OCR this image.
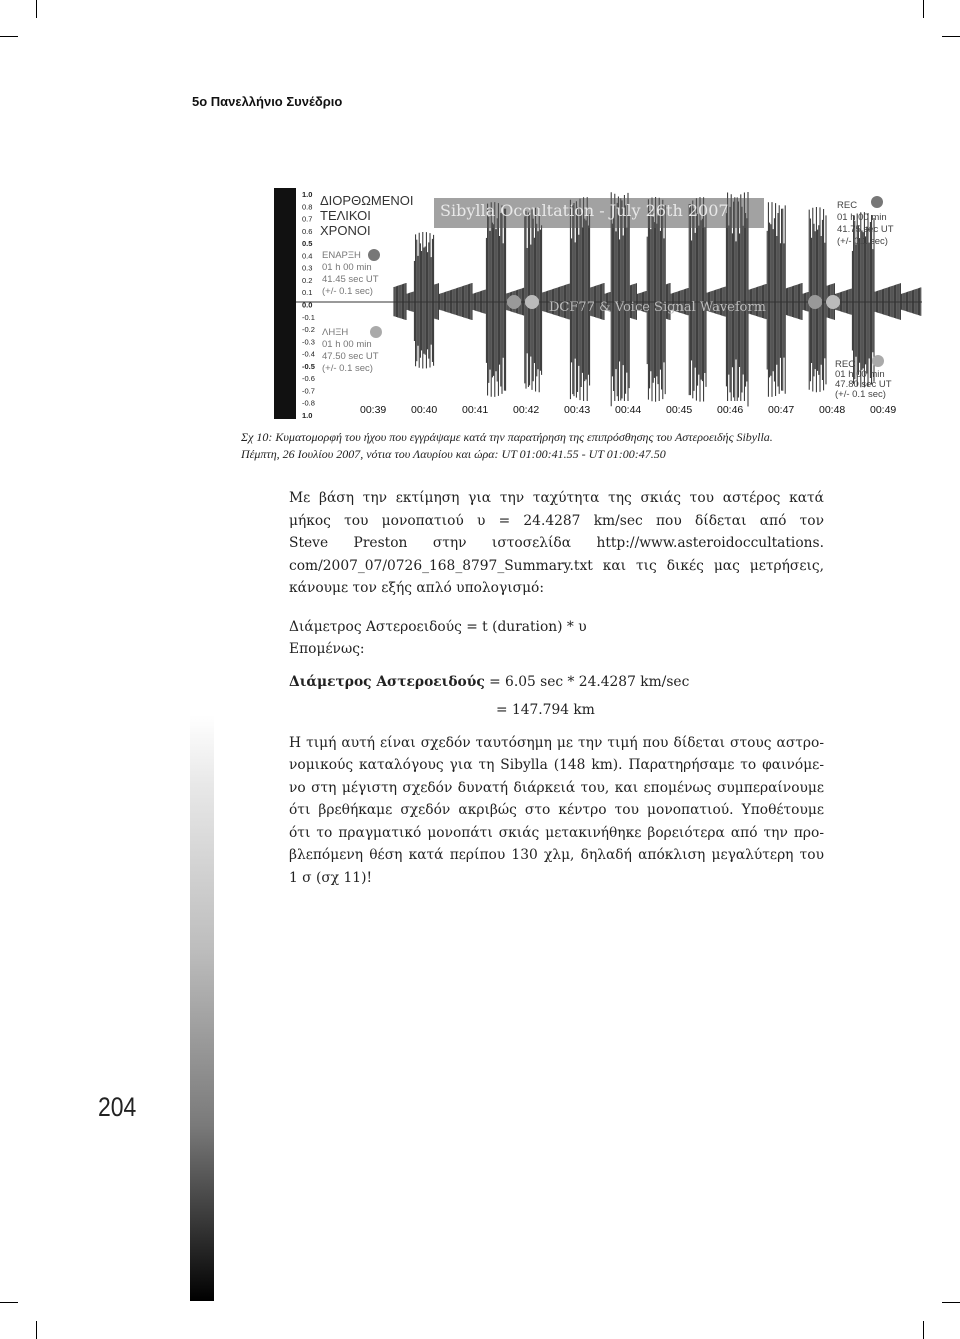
5ο Πανελλήνιο Συνέδριο
204
1.0
0.8
0.7
0.6
0.5
0.4
0.3
0.2
0.1
0.0
-0.1
-0.2
-0.3
-0.4
-0.5
-0.6
-0.7
-0.8
1.0
Sibylla Occultation - July 26th 2007
DCF77 & Voice Signal Waveform
ΔΙΟΡΘΩΜΕΝΟΙ
ΤΕΛΙΚΟΙ
ΧΡΟΝΟΙ
ΕΝΑΡΞΗ
01 h 00 min
41.45 sec UT
(+/- 0.1 sec)
ΛΗΞΗ
01 h 00 min
47.50 sec UT
(+/- 0.1 sec)
REC
01 h 00 min
41.75 sec UT
(+/- 0.1 sec)
REC
01 h 00 min
47.80 sec UT
(+/- 0.1 sec)
00:39 00:40 00:41 00:42 00:43 00:44 00:45 00:46 00:47 00:48 00:49
Σχ 10: Κυματομορφή του ήχου που εγγράψαμε κατά την παρατήρηση της επιπρόσθησης του Αστεροειδής Sibylla.
Πέμπτη, 26 Ιουλίου 2007, νότια του Λαυρίου και ώρα: UT 01:00:41.55 - UT 01:00:47.50

Με βάση την εκτίμηση για την ταχύτητα της σκιάς του αστέρος κατά
μήκος του μονοπατιού υ = 24.4287 km/sec που δίδεται από τον
Steve Preston στην ιστοσελίδα http://www.asteroidoccultations.
com/2007_07/0726_168_8797_Summary.txt και τις δικές μας μετρήσεις,
κάνουμε τον εξής απλό υπολογισμό:

Διάμετρος Αστεροειδούς = t (duration) * υ
Επομένως:

Διάμετρος Αστεροειδούς = 6.05 sec * 24.4287 km/sec

= 147.794 km

Η τιμή αυτή είναι σχεδόν ταυτόσημη με την τιμή που δίδεται στους αστρο-
νομικούς καταλόγους για τη Sibylla (148 km). Παρατηρήσαμε το φαινόμε-
νο στη μέγιστη σχεδόν δυνατή διάρκειά του, και επομένως συμπεραίνουμε
ότι βρεθήκαμε σχεδόν ακριβώς στο κέντρο του μονοπατιού. Υποθέτουμε
ότι το πραγματικό μονοπάτι σκιάς μετακινήθηκε βορειότερα από την προ-
βλεπόμενη θέση κατά περίπου 130 χλμ, δηλαδή απόκλιση μεγαλύτερη του
1 σ (σχ 11)!
